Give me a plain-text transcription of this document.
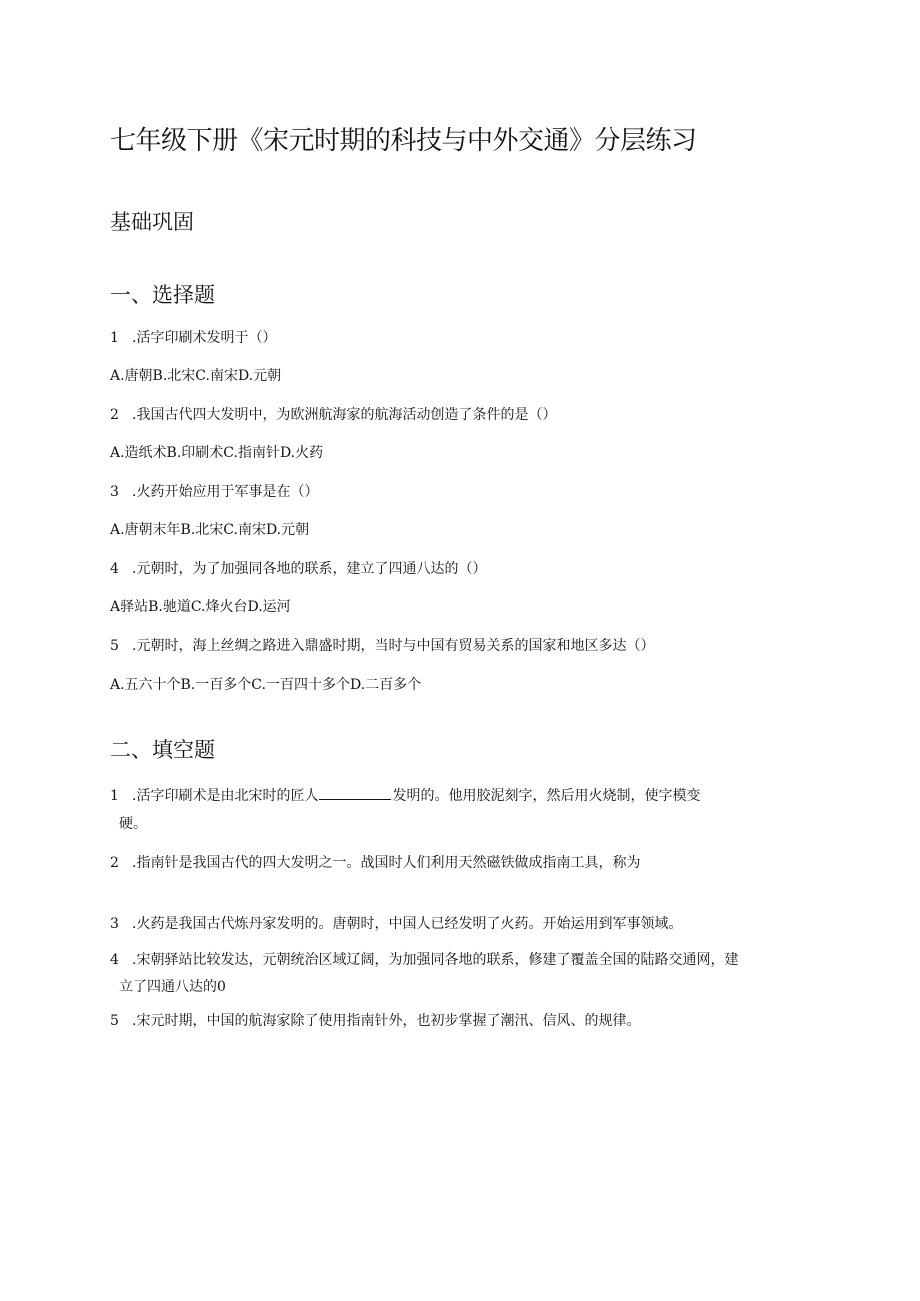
七年级下册《宋元时期的科技与中外交通》分层练习
基础巩固
一、选择题
1 .活字印刷术发明于（）
A.唐朝B.北宋C.南宋D.元朝
2 .我国古代四大发明中，为欧洲航海家的航海活动创造了条件的是（）
A.造纸术B.印刷术C.指南针D.火药
3 .火药开始应用于军事是在（）
A.唐朝末年B.北宋C.南宋D.元朝
4 .元朝时，为了加强同各地的联系，建立了四通八达的（）
A驿站B.驰道C.烽火台D.运河
5 .元朝时，海上丝绸之路进入鼎盛时期，当时与中国有贸易关系的国家和地区多达（）
A.五六十个B.一百多个C.一百四十多个D.二百多个
二、填空题
1 .活字印刷术是由北宋时的匠人	发明的。他用胶泥刻字，然后用火烧制，使字模变
硬。
2 .指南针是我国古代的四大发明之一。战国时人们利用天然磁铁做成指南工具，称为
3 .火药是我国古代炼丹家发明的。唐朝时，中国人已经发明了火药。开始运用到军事领域。
4 .宋朝驿站比较发达，元朝统治区域辽阔，为加强同各地的联系，修建了覆盖全国的陆路交通网，建
立了四通八达的0
5 .宋元时期，中国的航海家除了使用指南针外，也初步掌握了潮汛、信风、的规律。
